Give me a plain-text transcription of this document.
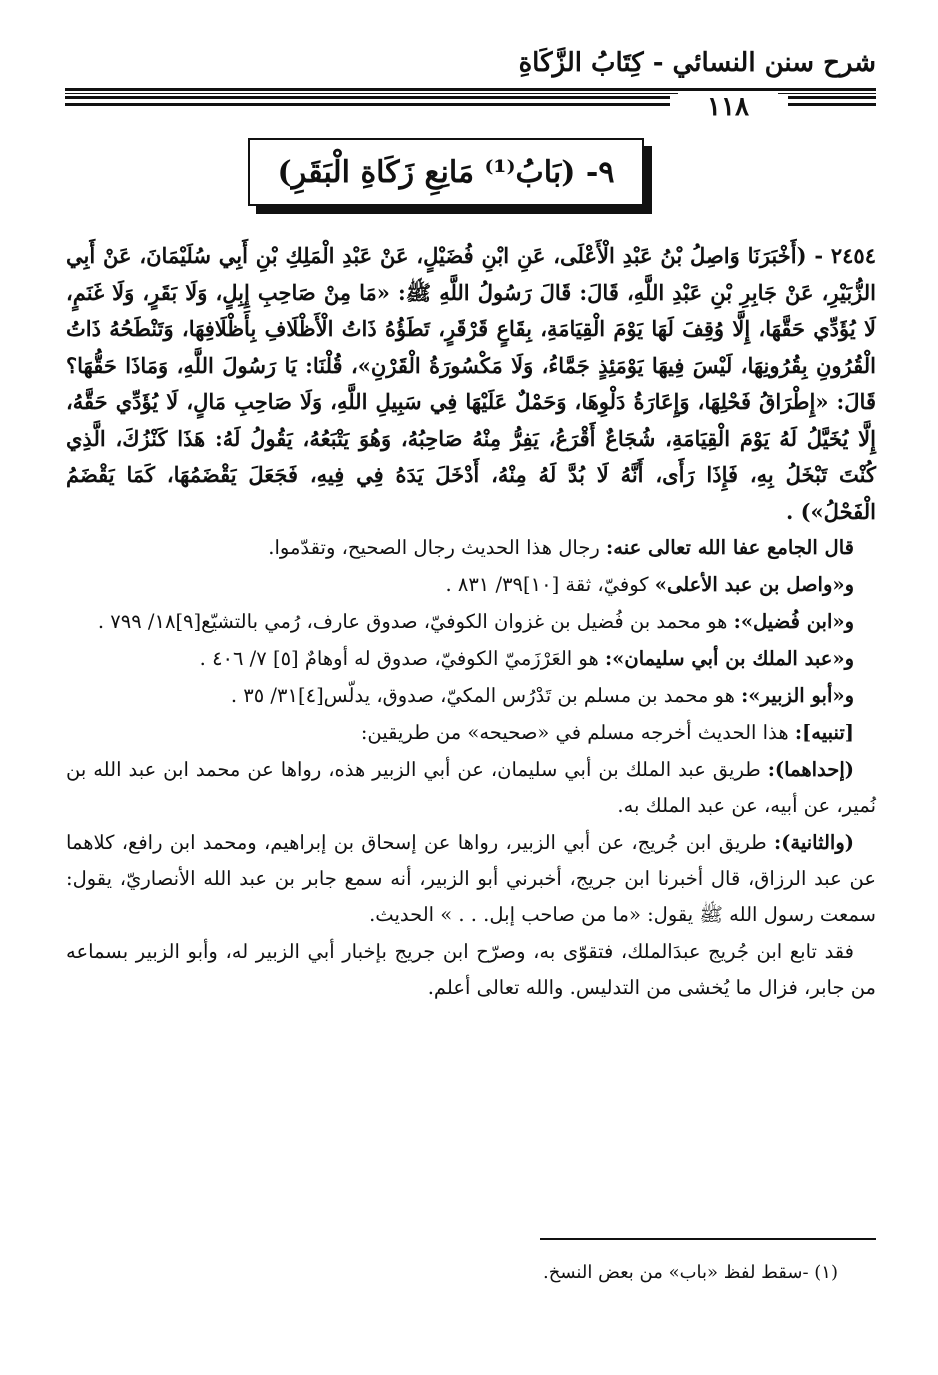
شرح سنن النسائي - كِتَابُ الزَّكَاةِ
١١٨
٩- (بَابُ⁽¹⁾ مَانِعِ زَكَاةِ الْبَقَرِ)

٢٤٥٤ - (أَخْبَرَنَا وَاصِلُ بْنُ عَبْدِ الْأَعْلَى، عَنِ ابْنِ فُضَيْلٍ، عَنْ عَبْدِ الْمَلِكِ بْنِ أَبِي سُلَيْمَانَ، عَنْ أَبِي الزُّبَيْرِ، عَنْ جَابِرِ بْنِ عَبْدِ اللَّهِ، قَالَ: قَالَ رَسُولُ اللَّهِ ﷺ: «مَا مِنْ صَاحِبِ إِبِلٍ، وَلَا بَقَرٍ، وَلَا غَنَمٍ، لَا يُؤَدِّي حَقَّهَا، إِلَّا وُقِفَ لَهَا يَوْمَ الْقِيَامَةِ، بِقَاعٍ قَرْقَرٍ، تَطَؤُهُ ذَاتُ الْأَظْلَافِ بِأَظْلَافِهَا، وَتَنْطَحُهُ ذَاتُ الْقُرُونِ بِقُرُونِهَا، لَيْسَ فِيهَا يَوْمَئِذٍ جَمَّاءُ، وَلَا مَكْسُورَةُ الْقَرْنِ»، قُلْنَا: يَا رَسُولَ اللَّهِ، وَمَاذَا حَقُّهَا؟ قَالَ: «إِطْرَاقُ فَحْلِهَا، وَإِعَارَةُ دَلْوِهَا، وَحَمْلٌ عَلَيْهَا فِي سَبِيلِ اللَّهِ، وَلَا صَاحِبِ مَالٍ، لَا يُؤَدِّي حَقَّهُ، إِلَّا يُخَيَّلُ لَهُ يَوْمَ الْقِيَامَةِ، شُجَاعٌ أَقْرَعُ، يَفِرُّ مِنْهُ صَاحِبُهُ، وَهُوَ يَتْبَعُهُ، يَقُولُ لَهُ: هَذَا كَنْزُكَ، الَّذِي كُنْتَ تَبْخَلُ بِهِ، فَإِذَا رَأَى، أَنَّهُ لَا بُدَّ لَهُ مِنْهُ، أَدْخَلَ يَدَهُ فِي فِيهِ، فَجَعَلَ يَقْضَمُهَا، كَمَا يَقْضَمُ الْفَحْلُ») .

قال الجامع عفا الله تعالى عنه: رجال هذا الحديث رجال الصحيح، وتقدّموا.

و«واصل بن عبد الأعلى» كوفيّ، ثقة [١٠]٣٩/ ٨٣١ .

و«ابن فُضيل»: هو محمد بن فُضيل بن غزوان الكوفيّ، صدوق عارف، رُمي بالتشيّع[٩]١٨/ ٧٩٩ .

و«عبد الملك بن أبي سليمان»: هو العَرْزَميّ الكوفيّ، صدوق له أوهامٌ [٥] ٧/ ٤٠٦ .

و«أبو الزبير»: هو محمد بن مسلم بن تَدْرُس المكيّ، صدوق، يدلّس[٤]٣١/ ٣٥ .

[تنبيه]: هذا الحديث أخرجه مسلم في «صحيحه» من طريقين:

(إحداهما): طريق عبد الملك بن أبي سليمان، عن أبي الزبير هذه، رواها عن محمد ابن عبد الله بن نُمير، عن أبيه، عن عبد الملك به.

(والثانية): طريق ابن جُريج، عن أبي الزبير، رواها عن إسحاق بن إبراهيم، ومحمد ابن رافع، كلاهما عن عبد الرزاق، قال أخبرنا ابن جريج، أخبرني أبو الزبير، أنه سمع جابر بن عبد الله الأنصاريّ، يقول: سمعت رسول الله ﷺ يقول: «ما من صاحب إبل. . . » الحديث.

فقد تابع ابن جُريج عبدَالملك، فتقوّى به، وصرّح ابن جريج بإخبار أبي الزبير له، وأبو الزبير بسماعه من جابر، فزال ما يُخشى من التدليس. والله تعالى أعلم.

(١) -سقط لفظ «باب» من بعض النسخ.
